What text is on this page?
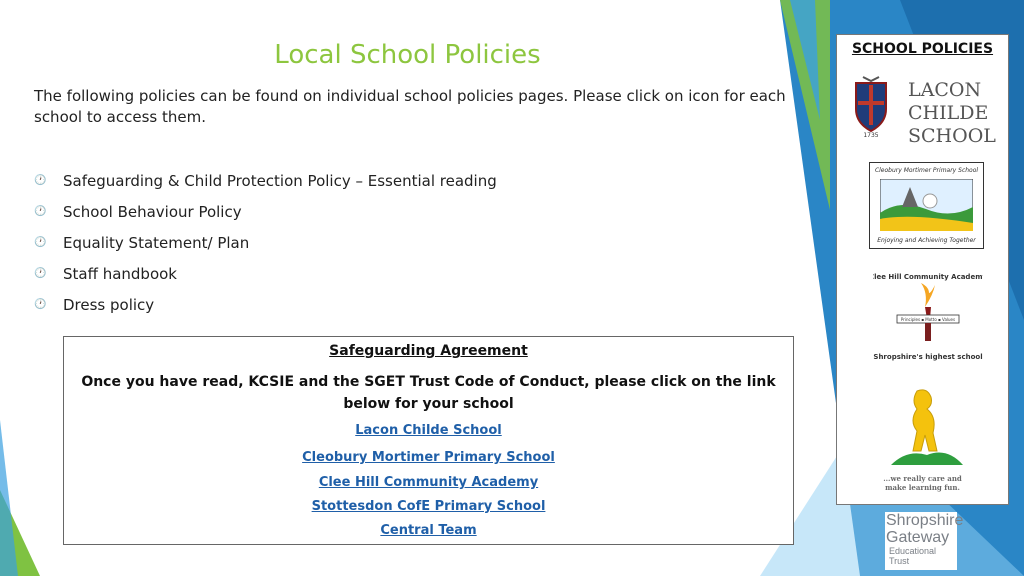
Local School Policies
The following policies can be found on individual school policies pages. Please click on icon for each school to access them.
🕐	Safeguarding & Child Protection Policy – Essential reading
🕐	School Behaviour Policy
🕐	Equality Statement/ Plan
🕐	Staff handbook
🕐	Dress policy
Safeguarding Agreement
Once you have read, KCSIE and the SGET Trust Code of Conduct, please click on the link below for your school
Lacon Childe School
Cleobury Mortimer Primary School
Clee Hill Community Academy
Stottesdon CofE Primary School
Central Team
SCHOOL POLICIES
1735
LACON
CHILDE
SCHOOL
Cleobury Mortimer Primary School
Enjoying and Achieving Together
Clee Hill Community Academy
Principles ▪ Motto ▪ Values
Shropshire's highest school
...we really care and
make learning fun.
Shropshire
Gateway
Educational Trust
